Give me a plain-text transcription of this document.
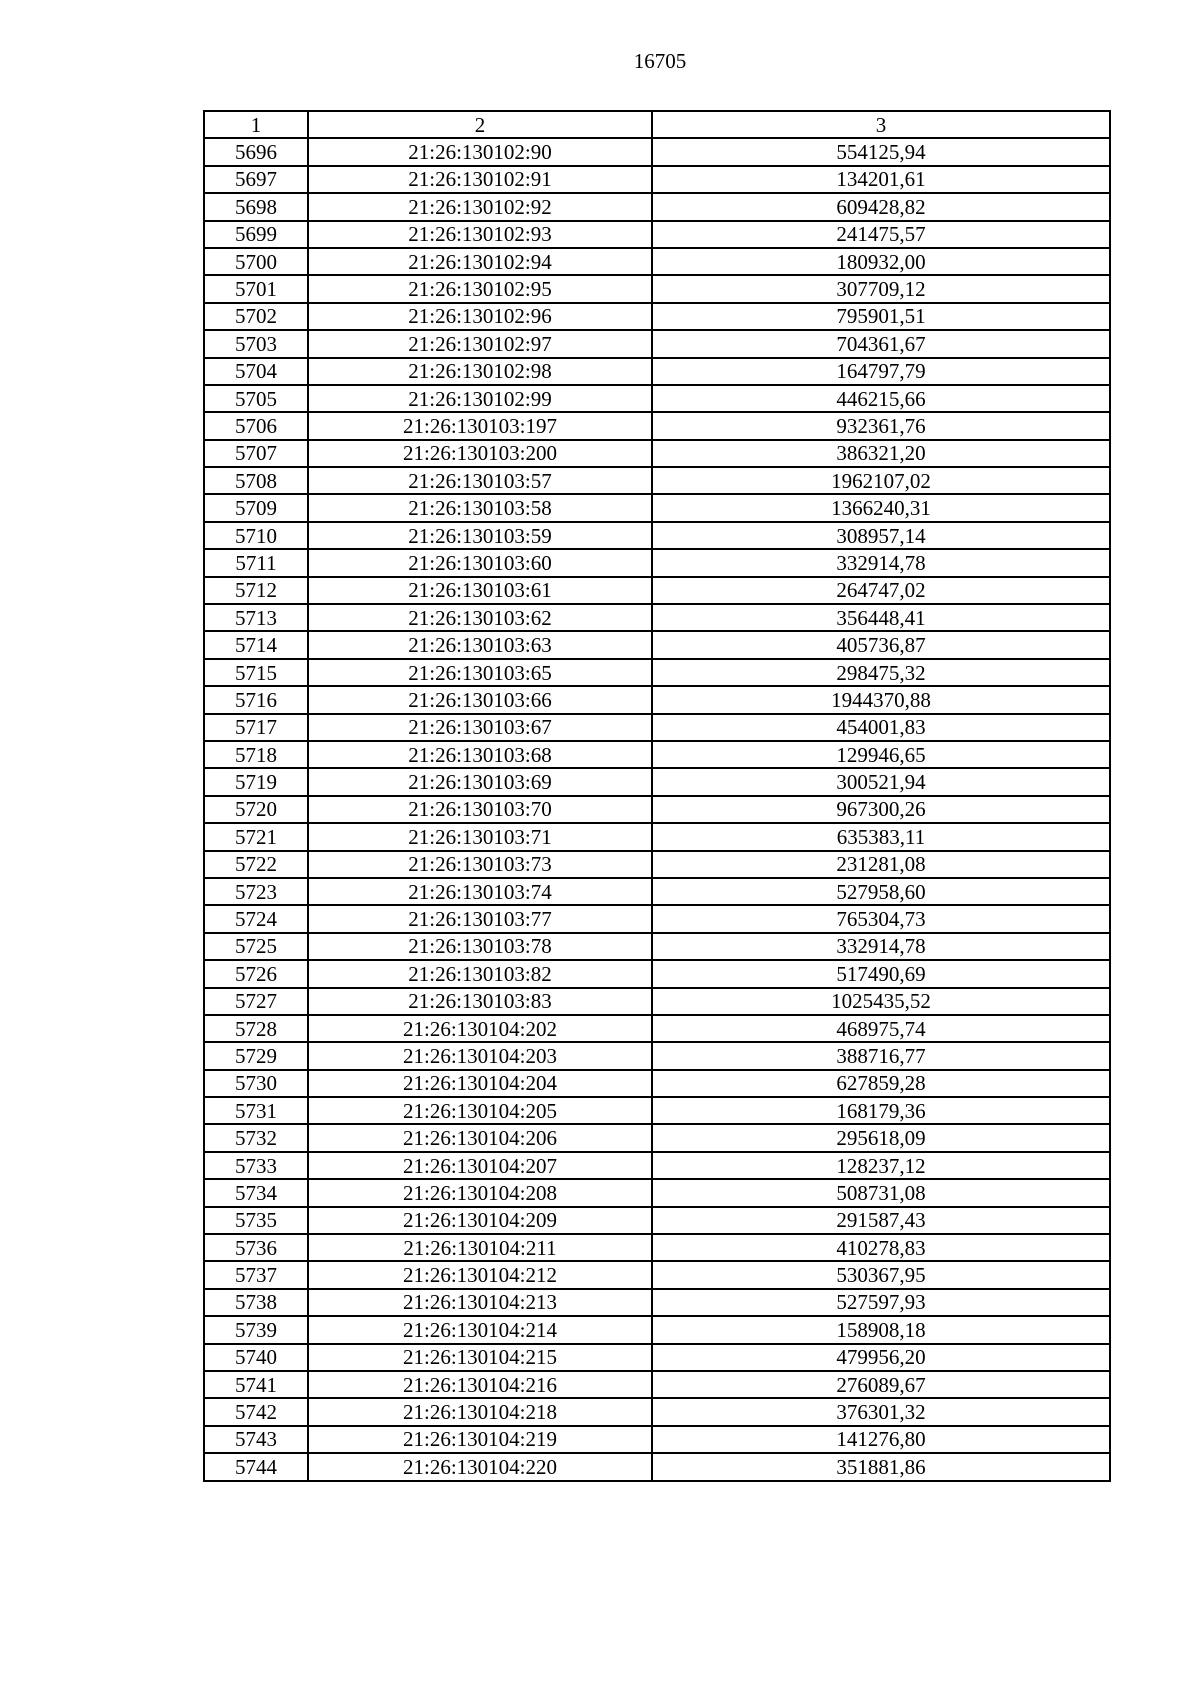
16705
1	2	3
5696	21:26:130102:90	554125,94
5697	21:26:130102:91	134201,61
5698	21:26:130102:92	609428,82
5699	21:26:130102:93	241475,57
5700	21:26:130102:94	180932,00
5701	21:26:130102:95	307709,12
5702	21:26:130102:96	795901,51
5703	21:26:130102:97	704361,67
5704	21:26:130102:98	164797,79
5705	21:26:130102:99	446215,66
5706	21:26:130103:197	932361,76
5707	21:26:130103:200	386321,20
5708	21:26:130103:57	1962107,02
5709	21:26:130103:58	1366240,31
5710	21:26:130103:59	308957,14
5711	21:26:130103:60	332914,78
5712	21:26:130103:61	264747,02
5713	21:26:130103:62	356448,41
5714	21:26:130103:63	405736,87
5715	21:26:130103:65	298475,32
5716	21:26:130103:66	1944370,88
5717	21:26:130103:67	454001,83
5718	21:26:130103:68	129946,65
5719	21:26:130103:69	300521,94
5720	21:26:130103:70	967300,26
5721	21:26:130103:71	635383,11
5722	21:26:130103:73	231281,08
5723	21:26:130103:74	527958,60
5724	21:26:130103:77	765304,73
5725	21:26:130103:78	332914,78
5726	21:26:130103:82	517490,69
5727	21:26:130103:83	1025435,52
5728	21:26:130104:202	468975,74
5729	21:26:130104:203	388716,77
5730	21:26:130104:204	627859,28
5731	21:26:130104:205	168179,36
5732	21:26:130104:206	295618,09
5733	21:26:130104:207	128237,12
5734	21:26:130104:208	508731,08
5735	21:26:130104:209	291587,43
5736	21:26:130104:211	410278,83
5737	21:26:130104:212	530367,95
5738	21:26:130104:213	527597,93
5739	21:26:130104:214	158908,18
5740	21:26:130104:215	479956,20
5741	21:26:130104:216	276089,67
5742	21:26:130104:218	376301,32
5743	21:26:130104:219	141276,80
5744	21:26:130104:220	351881,86
